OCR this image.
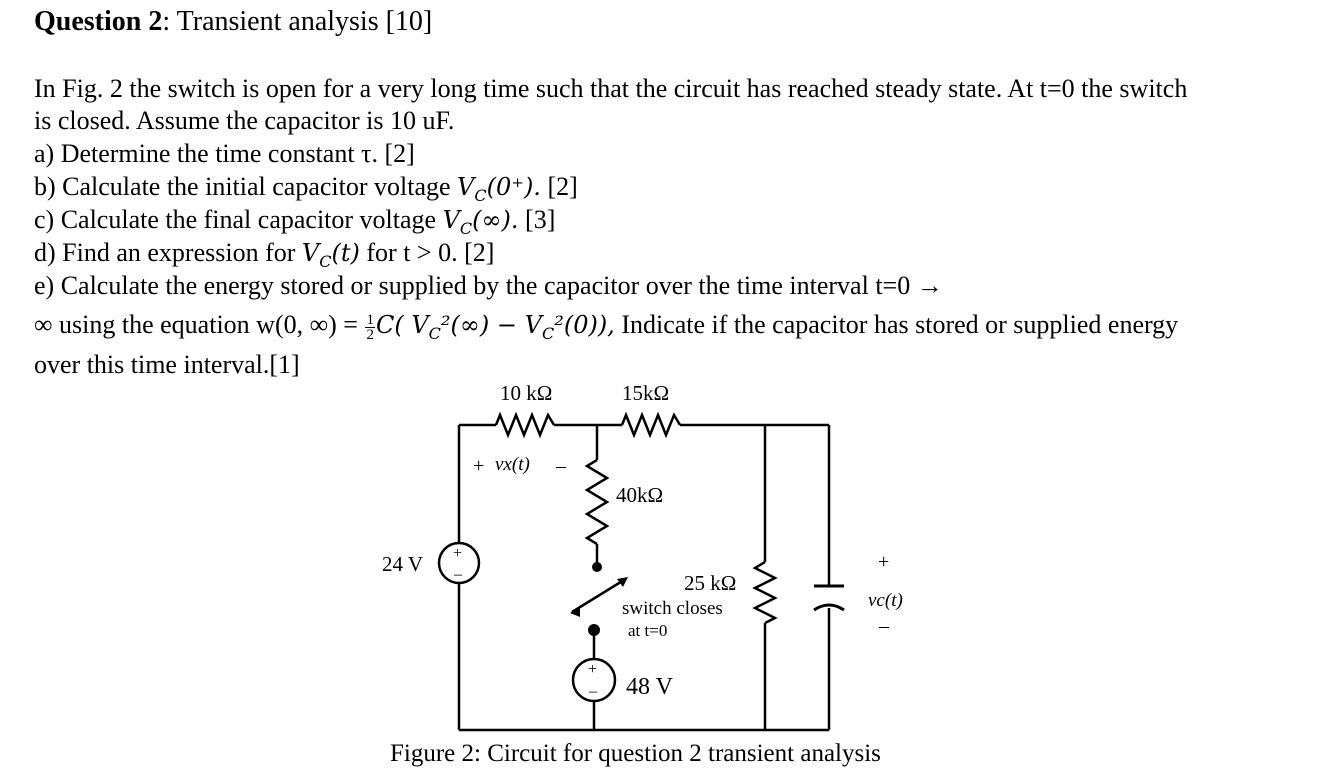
Question 2: Transient analysis [10]
In Fig. 2 the switch is open for a very long time such that the circuit has reached steady state. At t=0 the switch
is closed. Assume the capacitor is 10 uF.
a) Determine the time constant τ. [2]
b) Calculate the initial capacitor voltage $V_C(0^+)$. [2]
c) Calculate the final capacitor voltage $V_C(\infty)$. [3]
d) Find an expression for $V_C(t)$ for t > 0. [2]
e) Calculate the energy stored or supplied by the capacitor over the time interval t=0 →
∞ using the equation w(0, ∞) = $\frac{1}{2} C$( $V_C^2(\infty) - V_C^2(0)$), Indicate if the capacitor has stored or supplied energy
over this time interval.[1]
10 kΩ	15kΩ
40kΩ
25 kΩ
24 V
48 V
+ vx(t) –
switch closes
at t=0
+
vc(t)
–
+
–
+
–
Figure 2: Circuit for question 2 transient analysis
